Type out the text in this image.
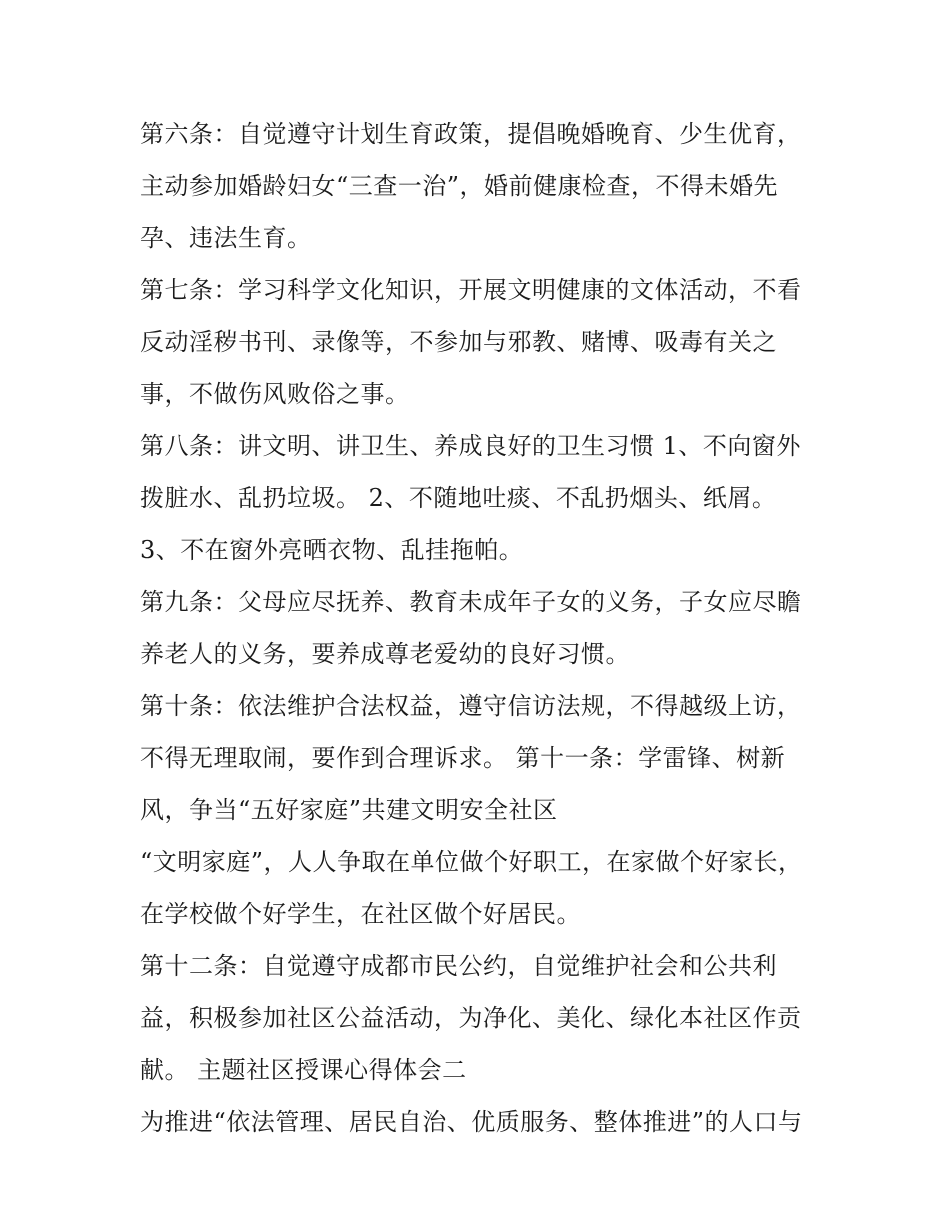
第六条：自觉遵守计划生育政策，提倡晚婚晚育、少生优育，
主动参加婚龄妇女“三查一治”，婚前健康检查，不得未婚先
孕、违法生育。
第七条：学习科学文化知识，开展文明健康的文体活动，不看
反动淫秽书刊、录像等，不参加与邪教、赌博、吸毒有关之
事，不做伤风败俗之事。
第八条：讲文明、讲卫生、养成良好的卫生习惯 1、不向窗外
拨脏水、乱扔垃圾。 2、不随地吐痰、不乱扔烟头、纸屑。
3、不在窗外亮晒衣物、乱挂拖帕。
第九条：父母应尽抚养、教育未成年子女的义务，子女应尽瞻
养老人的义务，要养成尊老爱幼的良好习惯。
第十条：依法维护合法权益，遵守信访法规，不得越级上访，
不得无理取闹，要作到合理诉求。 第十一条：学雷锋、树新
风，争当“五好家庭”共建文明安全社区
“文明家庭”，人人争取在单位做个好职工，在家做个好家长，
在学校做个好学生，在社区做个好居民。
第十二条：自觉遵守成都市民公约，自觉维护社会和公共利
益，积极参加社区公益活动，为净化、美化、绿化本社区作贡
献。 主题社区授课心得体会二
为推进“依法管理、居民自治、优质服务、整体推进”的人口与
